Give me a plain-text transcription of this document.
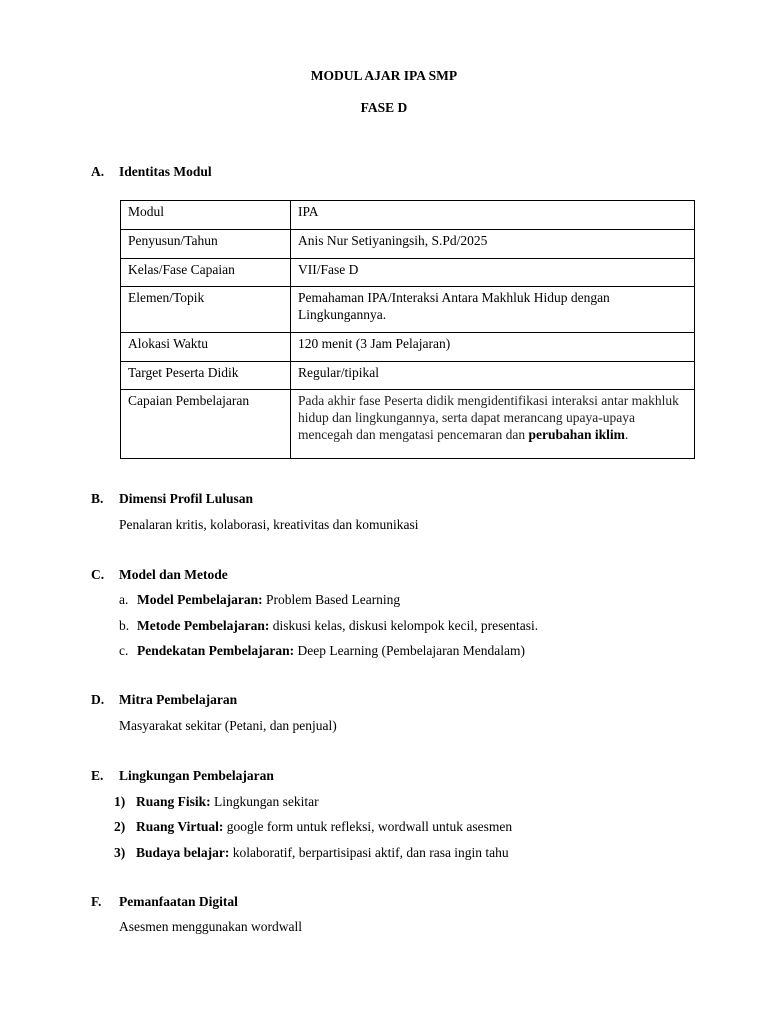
MODUL AJAR IPA SMP
FASE D
A.	Identitas Modul
Modul	IPA
Penyusun/Tahun	Anis Nur Setiyaningsih, S.Pd/2025
Kelas/Fase Capaian	VII/Fase D
Elemen/Topik	Pemahaman IPA/Interaksi Antara Makhluk Hidup dengan Lingkungannya.
Alokasi Waktu	120 menit (3 Jam Pelajaran)
Target Peserta Didik	Regular/tipikal
Capaian Pembelajaran	Pada akhir fase Peserta didik mengidentifikasi interaksi antar makhluk hidup dan lingkungannya, serta dapat merancang upaya-upaya mencegah dan mengatasi pencemaran dan perubahan iklim.
B.	Dimensi Profil Lulusan
Penalaran kritis, kolaborasi, kreativitas dan komunikasi
C.	Model dan Metode
a. Model Pembelajaran: Problem Based Learning
b. Metode Pembelajaran: diskusi kelas, diskusi kelompok kecil, presentasi.
c. Pendekatan Pembelajaran: Deep Learning (Pembelajaran Mendalam)
D.	Mitra Pembelajaran
Masyarakat sekitar (Petani, dan penjual)
E.	Lingkungan Pembelajaran
1) Ruang Fisik: Lingkungan sekitar
2) Ruang Virtual: google form untuk refleksi, wordwall untuk asesmen
3) Budaya belajar: kolaboratif, berpartisipasi aktif, dan rasa ingin tahu
F.	Pemanfaatan Digital
Asesmen menggunakan wordwall
